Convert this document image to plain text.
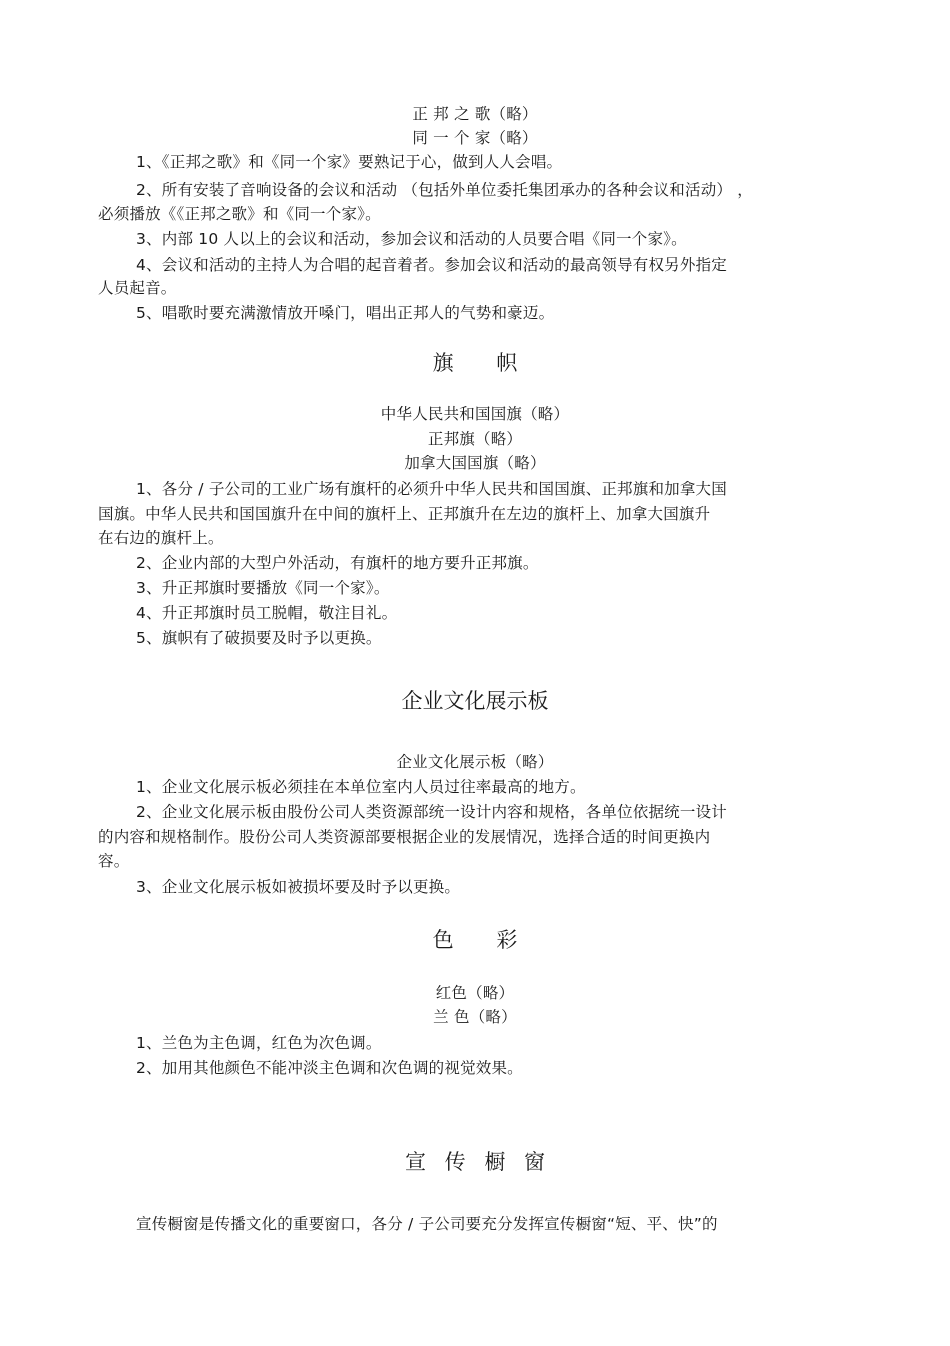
正 邦 之 歌（略）
同 一 个 家（略）
1、《正邦之歌》和《同一个家》要熟记于心，做到人人会唱。
2、所有安装了音响设备的会议和活动 （包括外单位委托集团承办的各种会议和活动） ，
必须播放《《正邦之歌》和《同一个家》。
3、内部 10 人以上的会议和活动，参加会议和活动的人员要合唱《同一个家》。
4、会议和活动的主持人为合唱的起音着者。参加会议和活动的最高领导有权另外指定
人员起音。
5、唱歌时要充满激情放开嗓门，唱出正邦人的气势和豪迈。
旗 帜
中华人民共和国国旗（略）
正邦旗（略）
加拿大国国旗（略）
1、各分 / 子公司的工业广场有旗杆的必须升中华人民共和国国旗、正邦旗和加拿大国
国旗。中华人民共和国国旗升在中间的旗杆上、正邦旗升在左边的旗杆上、加拿大国旗升
在右边的旗杆上。
2、企业内部的大型户外活动，有旗杆的地方要升正邦旗。
3、升正邦旗时要播放《同一个家》。
4、升正邦旗时员工脱帽，敬注目礼。
5、旗帜有了破损要及时予以更换。
企业文化展示板
企业文化展示板（略）
1、企业文化展示板必须挂在本单位室内人员过往率最高的地方。
2、企业文化展示板由股份公司人类资源部统一设计内容和规格，各单位依据统一设计
的内容和规格制作。股份公司人类资源部要根据企业的发展情况，选择合适的时间更换内
容。
3、企业文化展示板如被损坏要及时予以更换。
色 彩
红色（略）
兰 色（略）
1、兰色为主色调，红色为次色调。
2、加用其他颜色不能冲淡主色调和次色调的视觉效果。
宣 传 橱 窗
宣传橱窗是传播文化的重要窗口，各分 / 子公司要充分发挥宣传橱窗“短、平、快”的
